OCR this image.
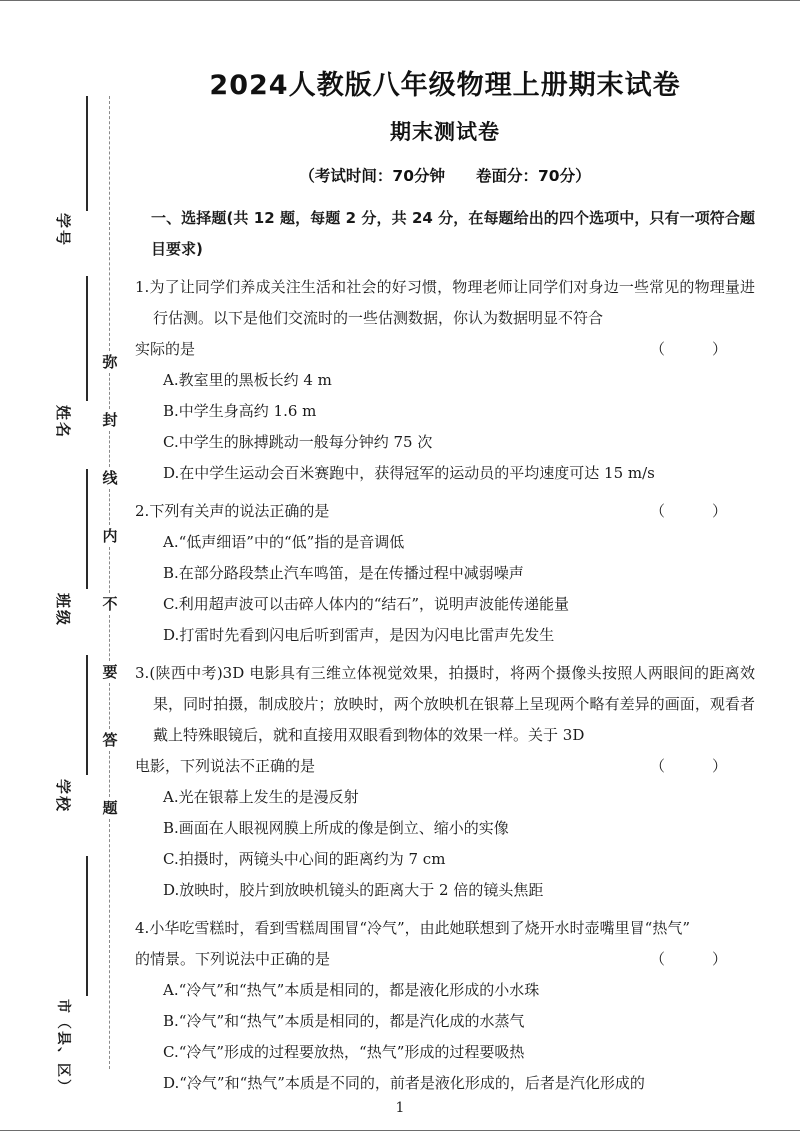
学号
姓名
班级
学校
市（县、区）
弥
封
线
内
不
要
答
题
2024人教版八年级物理上册期末试卷
期末测试卷
（考试时间：70分钟　　卷面分：70分）
一、选择题(共 12 题，每题 2 分，共 24 分，在每题给出的四个选项中，只有一项符合题目要求)
1.为了让同学们养成关注生活和社会的好习惯，物理老师让同学们对身边一些常见的物理量进行估测。以下是他们交流时的一些估测数据，你认为数据明显不符合
实际的是	（　）
A.教室里的黑板长约 4 m
B.中学生身高约 1.6 m
C.中学生的脉搏跳动一般每分钟约 75 次
D.在中学生运动会百米赛跑中，获得冠军的运动员的平均速度可达 15 m/s
2.下列有关声的说法正确的是	（　）
A.“低声细语”中的“低”指的是音调低
B.在部分路段禁止汽车鸣笛，是在传播过程中减弱噪声
C.利用超声波可以击碎人体内的“结石”，说明声波能传递能量
D.打雷时先看到闪电后听到雷声，是因为闪电比雷声先发生
3.(陕西中考)3D 电影具有三维立体视觉效果，拍摄时，将两个摄像头按照人两眼间的距离效果，同时拍摄，制成胶片；放映时，两个放映机在银幕上呈现两个略有差异的画面，观看者戴上特殊眼镜后，就和直接用双眼看到物体的效果一样。关于 3D
电影，下列说法不正确的是	（　）
A.光在银幕上发生的是漫反射
B.画面在人眼视网膜上所成的像是倒立、缩小的实像
C.拍摄时，两镜头中心间的距离约为 7 cm
D.放映时，胶片到放映机镜头的距离大于 2 倍的镜头焦距
4.小华吃雪糕时，看到雪糕周围冒“冷气”，由此她联想到了烧开水时壶嘴里冒“热气”
的情景。下列说法中正确的是	（　）
A.“冷气”和“热气”本质是相同的，都是液化形成的小水珠
B.“冷气”和“热气”本质是相同的，都是汽化成的水蒸气
C.“冷气”形成的过程要放热，“热气”形成的过程要吸热
D.“冷气”和“热气”本质是不同的，前者是液化形成的，后者是汽化形成的
1
